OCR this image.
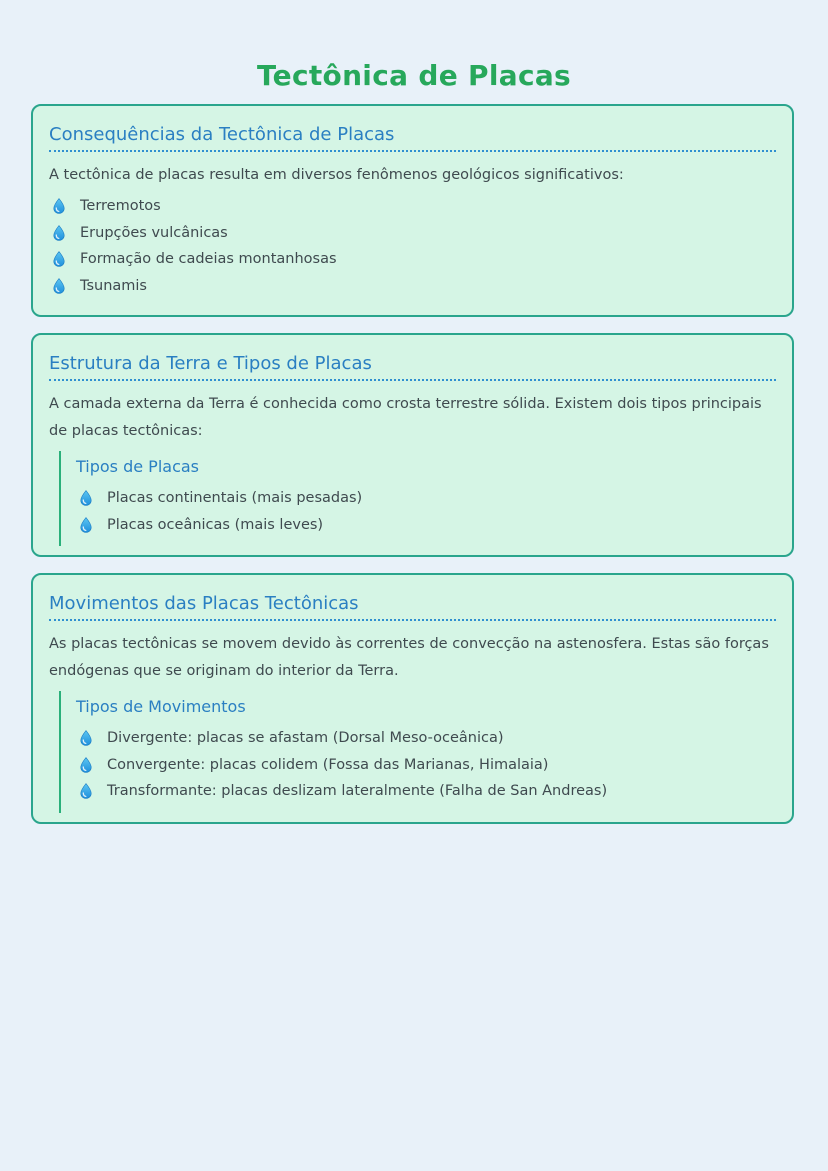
Tectônica de Placas
Consequências da Tectônica de Placas

A tectônica de placas resulta em diversos fenômenos geológicos significativos:

Terremotos
Erupções vulcânicas
Formação de cadeias montanhosas
Tsunamis
Estrutura da Terra e Tipos de Placas

A camada externa da Terra é conhecida como crosta terrestre sólida. Existem dois tipos principais de placas tectônicas:

Tipos de Placas
Placas continentais (mais pesadas)
Placas oceânicas (mais leves)
Movimentos das Placas Tectônicas

As placas tectônicas se movem devido às correntes de convecção na astenosfera. Estas são forças endógenas que se originam do interior da Terra.

Tipos de Movimentos
Divergente: placas se afastam (Dorsal Meso-oceânica)
Convergente: placas colidem (Fossa das Marianas, Himalaia)
Transformante: placas deslizam lateralmente (Falha de San Andreas)
